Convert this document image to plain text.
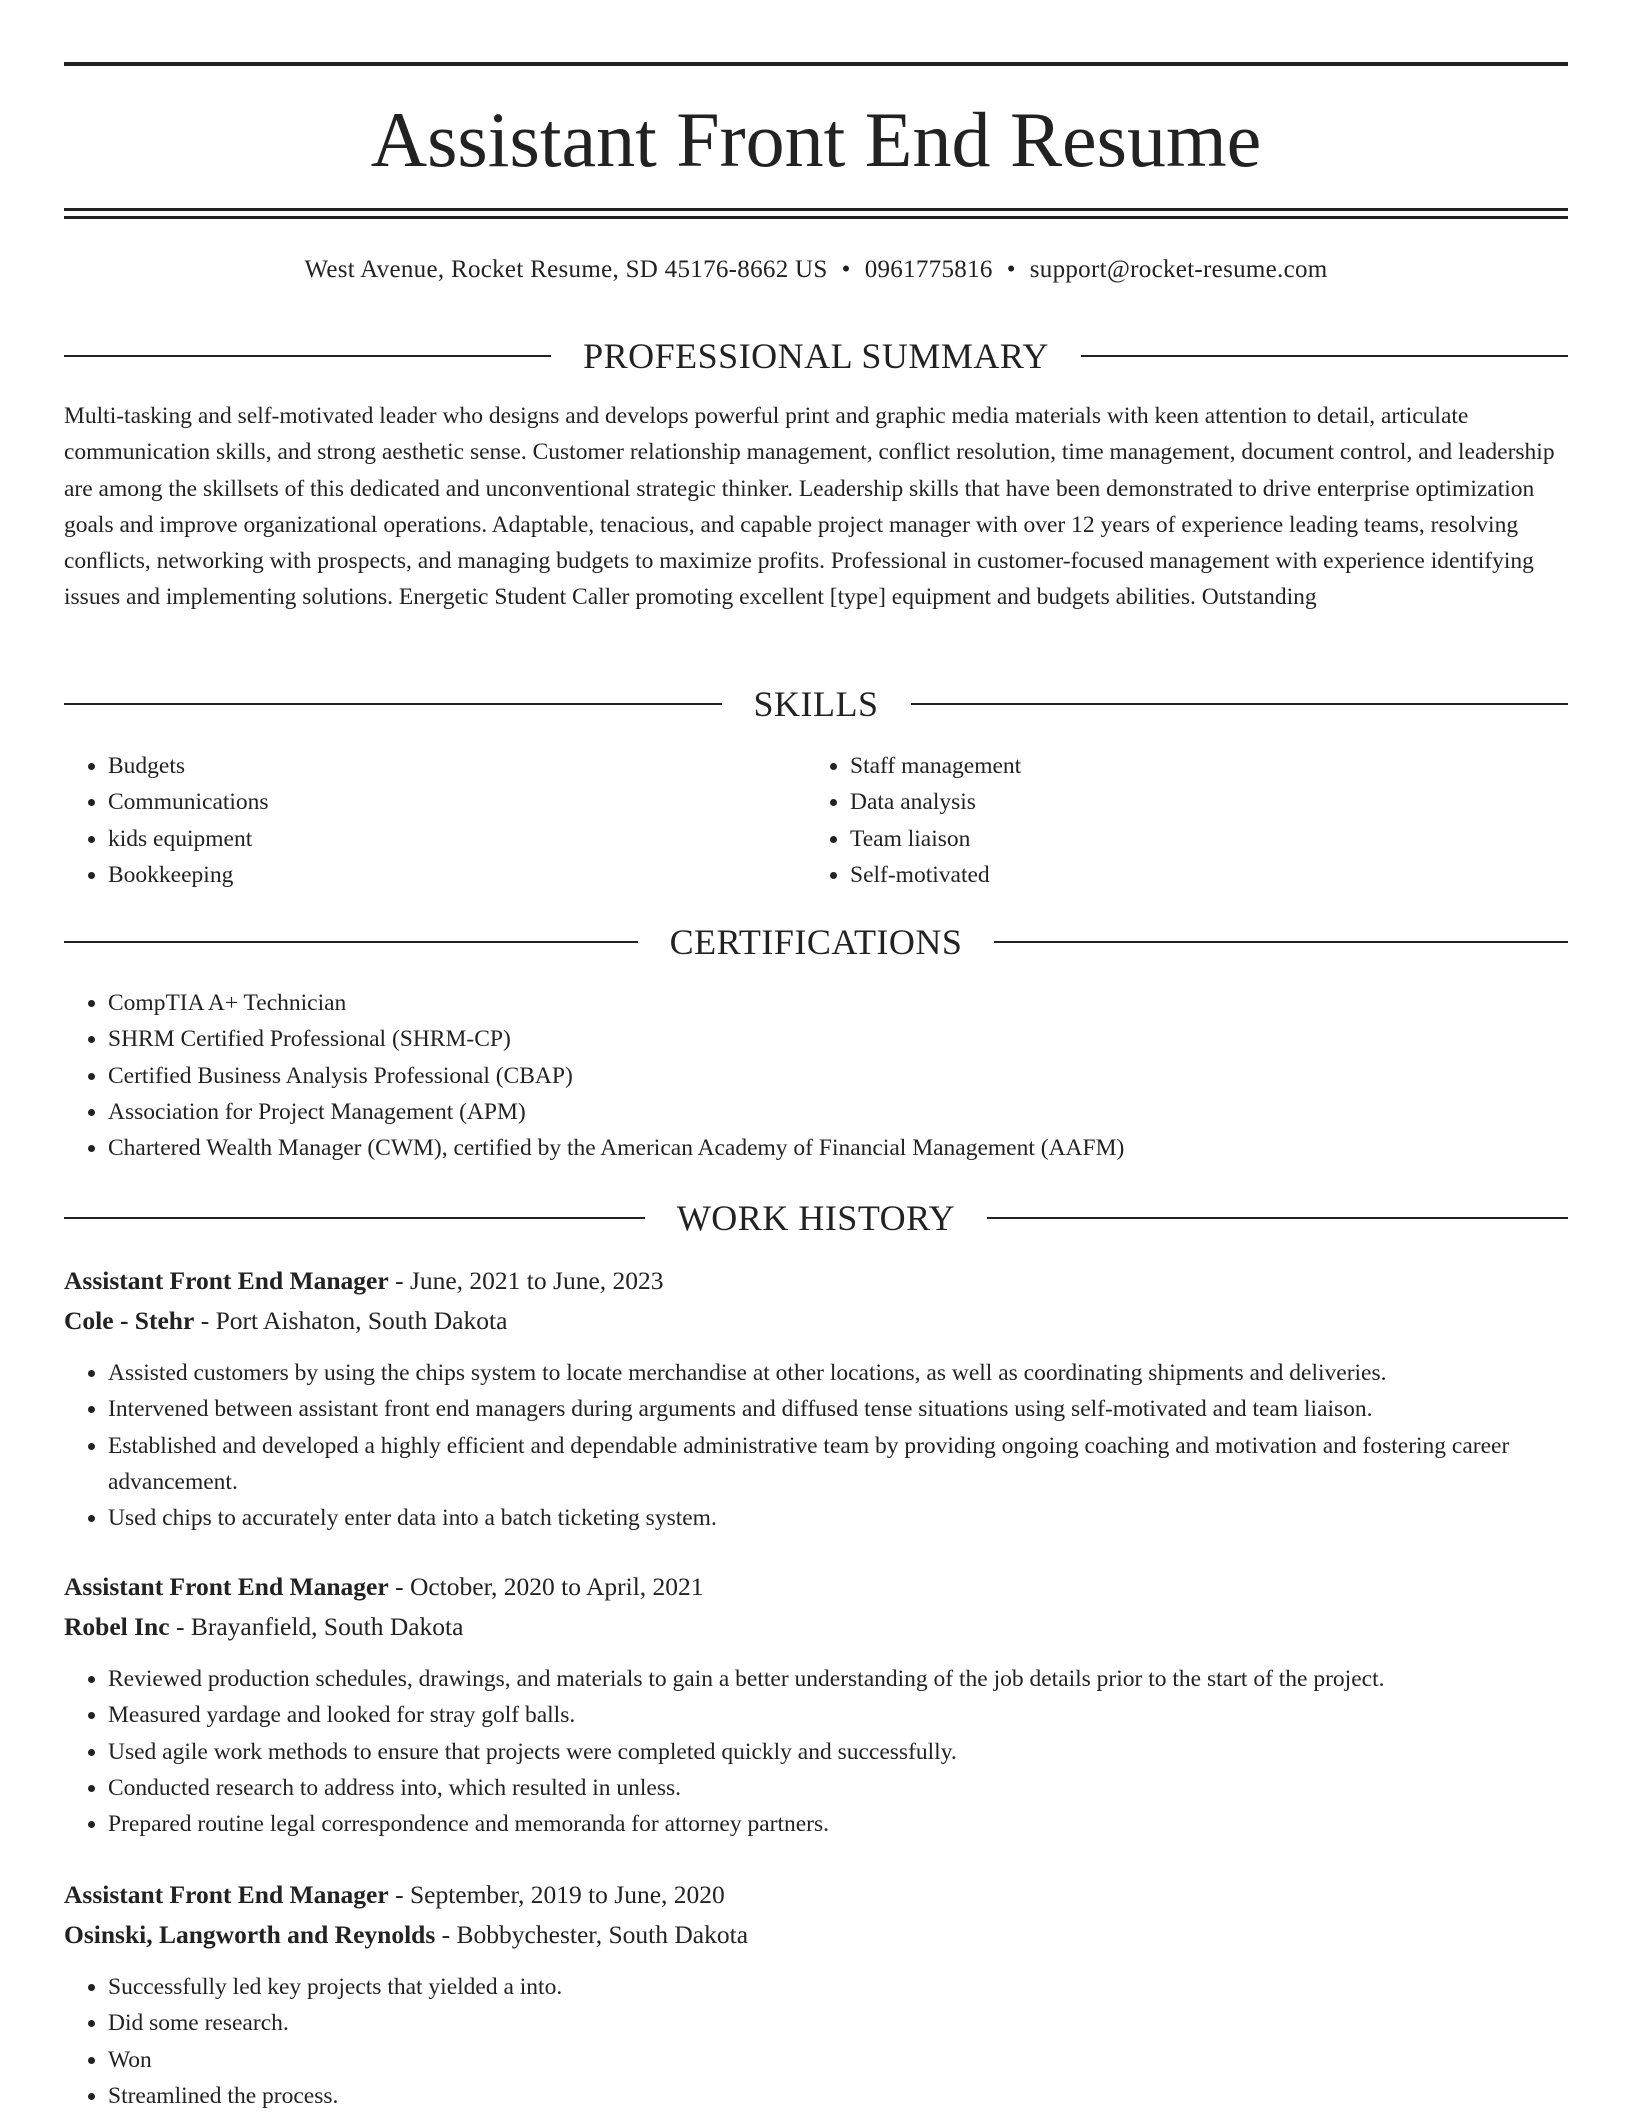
Assistant Front End Resume
West Avenue, Rocket Resume, SD 45176-8662 US • 0961775816 • support@rocket-resume.com
PROFESSIONAL SUMMARY

Multi-tasking and self-motivated leader who designs and develops powerful print and graphic media materials with keen attention to detail, articulate communication skills, and strong aesthetic sense. Customer relationship management, conflict resolution, time management, document control, and leadership are among the skillsets of this dedicated and unconventional strategic thinker. Leadership skills that have been demonstrated to drive enterprise optimization goals and improve organizational operations. Adaptable, tenacious, and capable project manager with over 12 years of experience leading teams, resolving conflicts, networking with prospects, and managing budgets to maximize profits. Professional in customer-focused management with experience identifying issues and implementing solutions. Energetic Student Caller promoting excellent [type] equipment and budgets abilities. Outstanding

SKILLS
• Budgets
• Communications
• kids equipment
• Bookkeeping
• Staff management
• Data analysis
• Team liaison
• Self-motivated
CERTIFICATIONS
• CompTIA A+ Technician
• SHRM Certified Professional (SHRM-CP)
• Certified Business Analysis Professional (CBAP)
• Association for Project Management (APM)
• Chartered Wealth Manager (CWM), certified by the American Academy of Financial Management (AAFM)
WORK HISTORY
Assistant Front End Manager - June, 2021 to June, 2023
Cole - Stehr - Port Aishaton, South Dakota
• Assisted customers by using the chips system to locate merchandise at other locations, as well as coordinating shipments and deliveries.
• Intervened between assistant front end managers during arguments and diffused tense situations using self-motivated and team liaison.
• Established and developed a highly efficient and dependable administrative team by providing ongoing coaching and motivation and fostering career advancement.
• Used chips to accurately enter data into a batch ticketing system.
Assistant Front End Manager - October, 2020 to April, 2021
Robel Inc - Brayanfield, South Dakota
• Reviewed production schedules, drawings, and materials to gain a better understanding of the job details prior to the start of the project.
• Measured yardage and looked for stray golf balls.
• Used agile work methods to ensure that projects were completed quickly and successfully.
• Conducted research to address into, which resulted in unless.
• Prepared routine legal correspondence and memoranda for attorney partners.
Assistant Front End Manager - September, 2019 to June, 2020
Osinski, Langworth and Reynolds - Bobbychester, South Dakota
• Successfully led key projects that yielded a into.
• Did some research.
• Won
• Streamlined the process.
